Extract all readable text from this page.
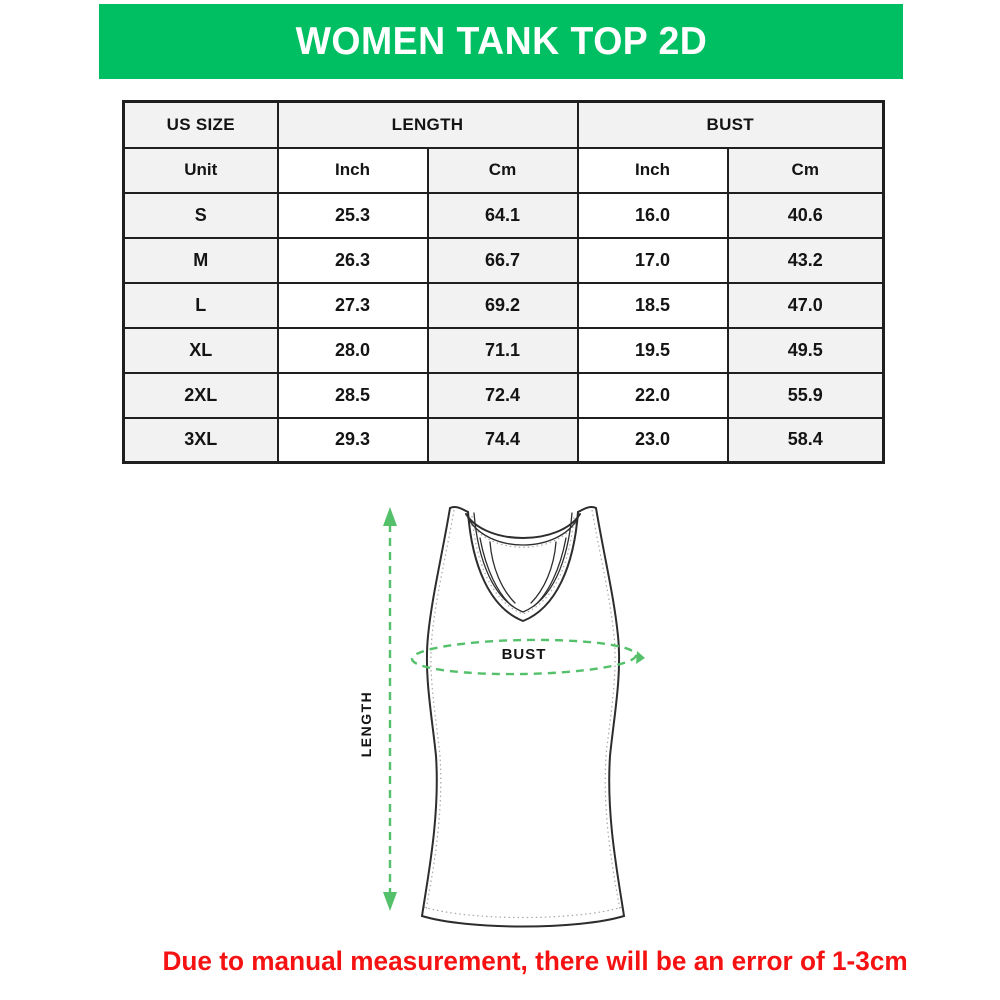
WOMEN TANK TOP 2D
US SIZE	LENGTH		BUST	
Unit	Inch	Cm	Inch	Cm
S	25.3	64.1	16.0	40.6
M	26.3	66.7	17.0	43.2
L	27.3	69.2	18.5	47.0
XL	28.0	71.1	19.5	49.5
2XL	28.5	72.4	22.0	55.9
3XL	29.3	74.4	23.0	58.4
BUST
LENGTH
Due to manual measurement, there will be an error of 1-3cm
